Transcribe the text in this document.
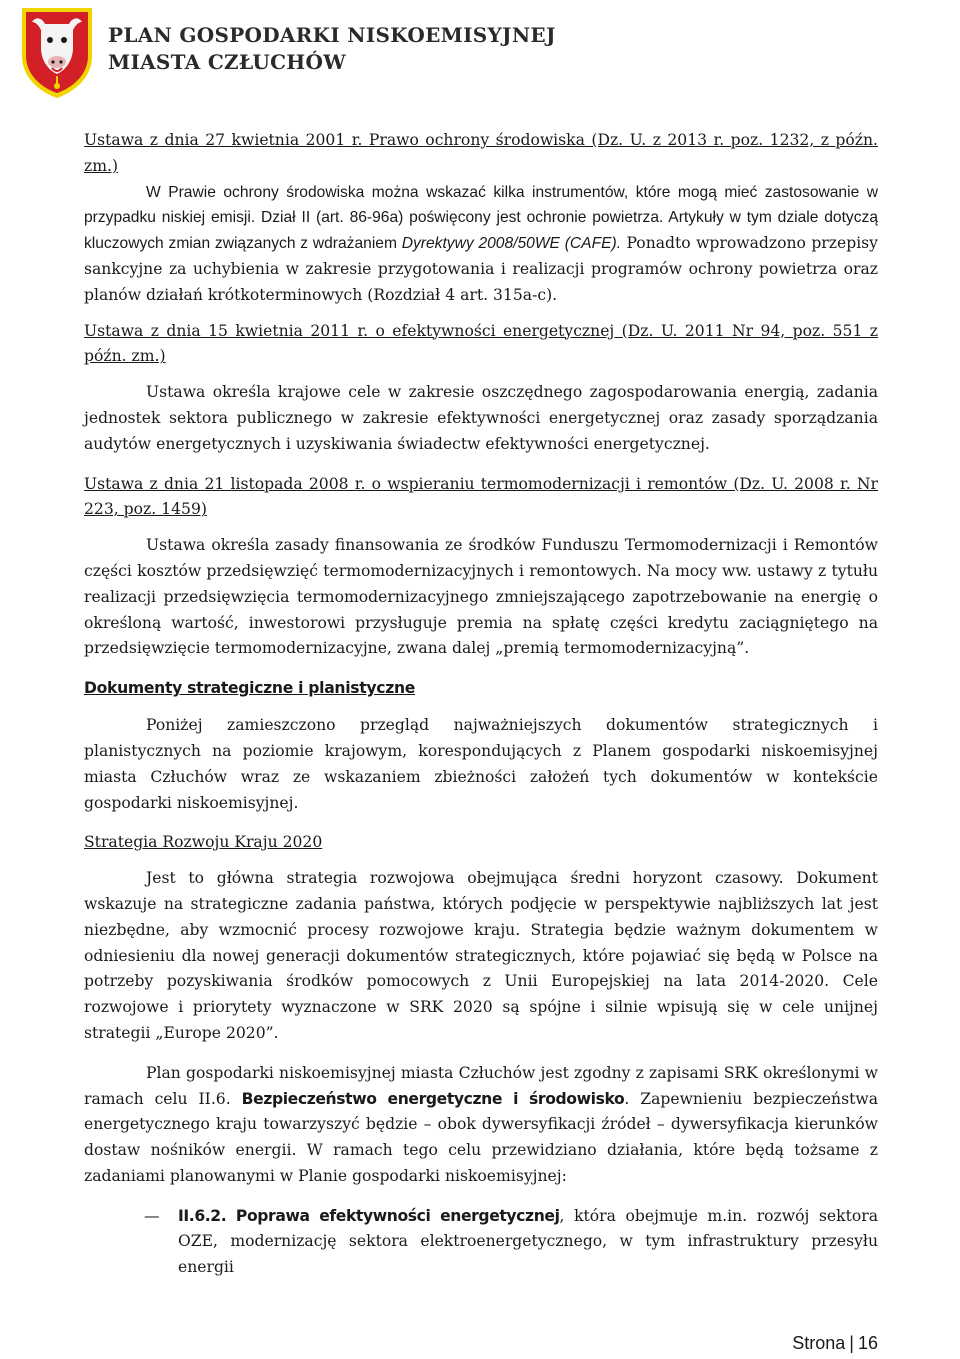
PLAN GOSPODARKI NISKOEMISYJNEJ
MIASTA CZŁUCHÓW

Ustawa z dnia 27 kwietnia 2001 r. Prawo ochrony środowiska (Dz. U. z 2013 r. poz. 1232, z późn. zm.)

W Prawie ochrony środowiska można wskazać kilka instrumentów, które mogą mieć zastosowanie w przypadku niskiej emisji. Dział II (art. 86-96a) poświęcony jest ochronie powietrza. Artykuły w tym dziale dotyczą kluczowych zmian związanych z wdrażaniem Dyrektywy 2008/50WE (CAFE). Ponadto wprowadzono przepisy sankcyjne za uchybienia w zakresie przygotowania i realizacji programów ochrony powietrza oraz planów działań krótkoterminowych (Rozdział 4 art. 315a-c).

Ustawa z dnia 15 kwietnia 2011 r. o efektywności energetycznej (Dz. U. 2011 Nr 94, poz. 551 z późn. zm.)

Ustawa określa krajowe cele w zakresie oszczędnego zagospodarowania energią, zadania jednostek sektora publicznego w zakresie efektywności energetycznej oraz zasady sporządzania audytów energetycznych i uzyskiwania świadectw efektywności energetycznej.

Ustawa z dnia 21 listopada 2008 r. o wspieraniu termomodernizacji i remontów (Dz. U. 2008 r. Nr 223, poz. 1459)

Ustawa określa zasady finansowania ze środków Funduszu Termomodernizacji i Remontów części kosztów przedsięwzięć termomodernizacyjnych i remontowych. Na mocy ww. ustawy z tytułu realizacji przedsięwzięcia termomodernizacyjnego zmniejszającego zapotrzebowanie na energię o określoną wartość, inwestorowi przysługuje premia na spłatę części kredytu zaciągniętego na przedsięwzięcie termomodernizacyjne, zwana dalej „premią termomodernizacyjną”.

Dokumenty strategiczne i planistyczne

Poniżej zamieszczono przegląd najważniejszych dokumentów strategicznych i planistycznych na poziomie krajowym, korespondujących z Planem gospodarki niskoemisyjnej miasta Człuchów wraz ze wskazaniem zbieżności założeń tych dokumentów w kontekście gospodarki niskoemisyjnej.

Strategia Rozwoju Kraju 2020

Jest to główna strategia rozwojowa obejmująca średni horyzont czasowy. Dokument wskazuje na strategiczne zadania państwa, których podjęcie w perspektywie najbliższych lat jest niezbędne, aby wzmocnić procesy rozwojowe kraju. Strategia będzie ważnym dokumentem w odniesieniu dla nowej generacji dokumentów strategicznych, które pojawiać się będą w Polsce na potrzeby pozyskiwania środków pomocowych z Unii Europejskiej na lata 2014-2020. Cele rozwojowe i priorytety wyznaczone w SRK 2020 są spójne i silnie wpisują się w cele unijnej strategii „Europe 2020”.

Plan gospodarki niskoemisyjnej miasta Człuchów jest zgodny z zapisami SRK określonymi w ramach celu II.6. Bezpieczeństwo energetyczne i środowisko. Zapewnieniu bezpieczeństwa energetycznego kraju towarzyszyć będzie – obok dywersyfikacji źródeł – dywersyfikacja kierunków dostaw nośników energii. W ramach tego celu przewidziano działania, które będą tożsame z zadaniami planowanymi w Planie gospodarki niskoemisyjnej:

— II.6.2. Poprawa efektywności energetycznej, która obejmuje m.in. rozwój sektora OZE, modernizację sektora elektroenergetycznego, w tym infrastruktury przesyłu energii

Strona | 16
